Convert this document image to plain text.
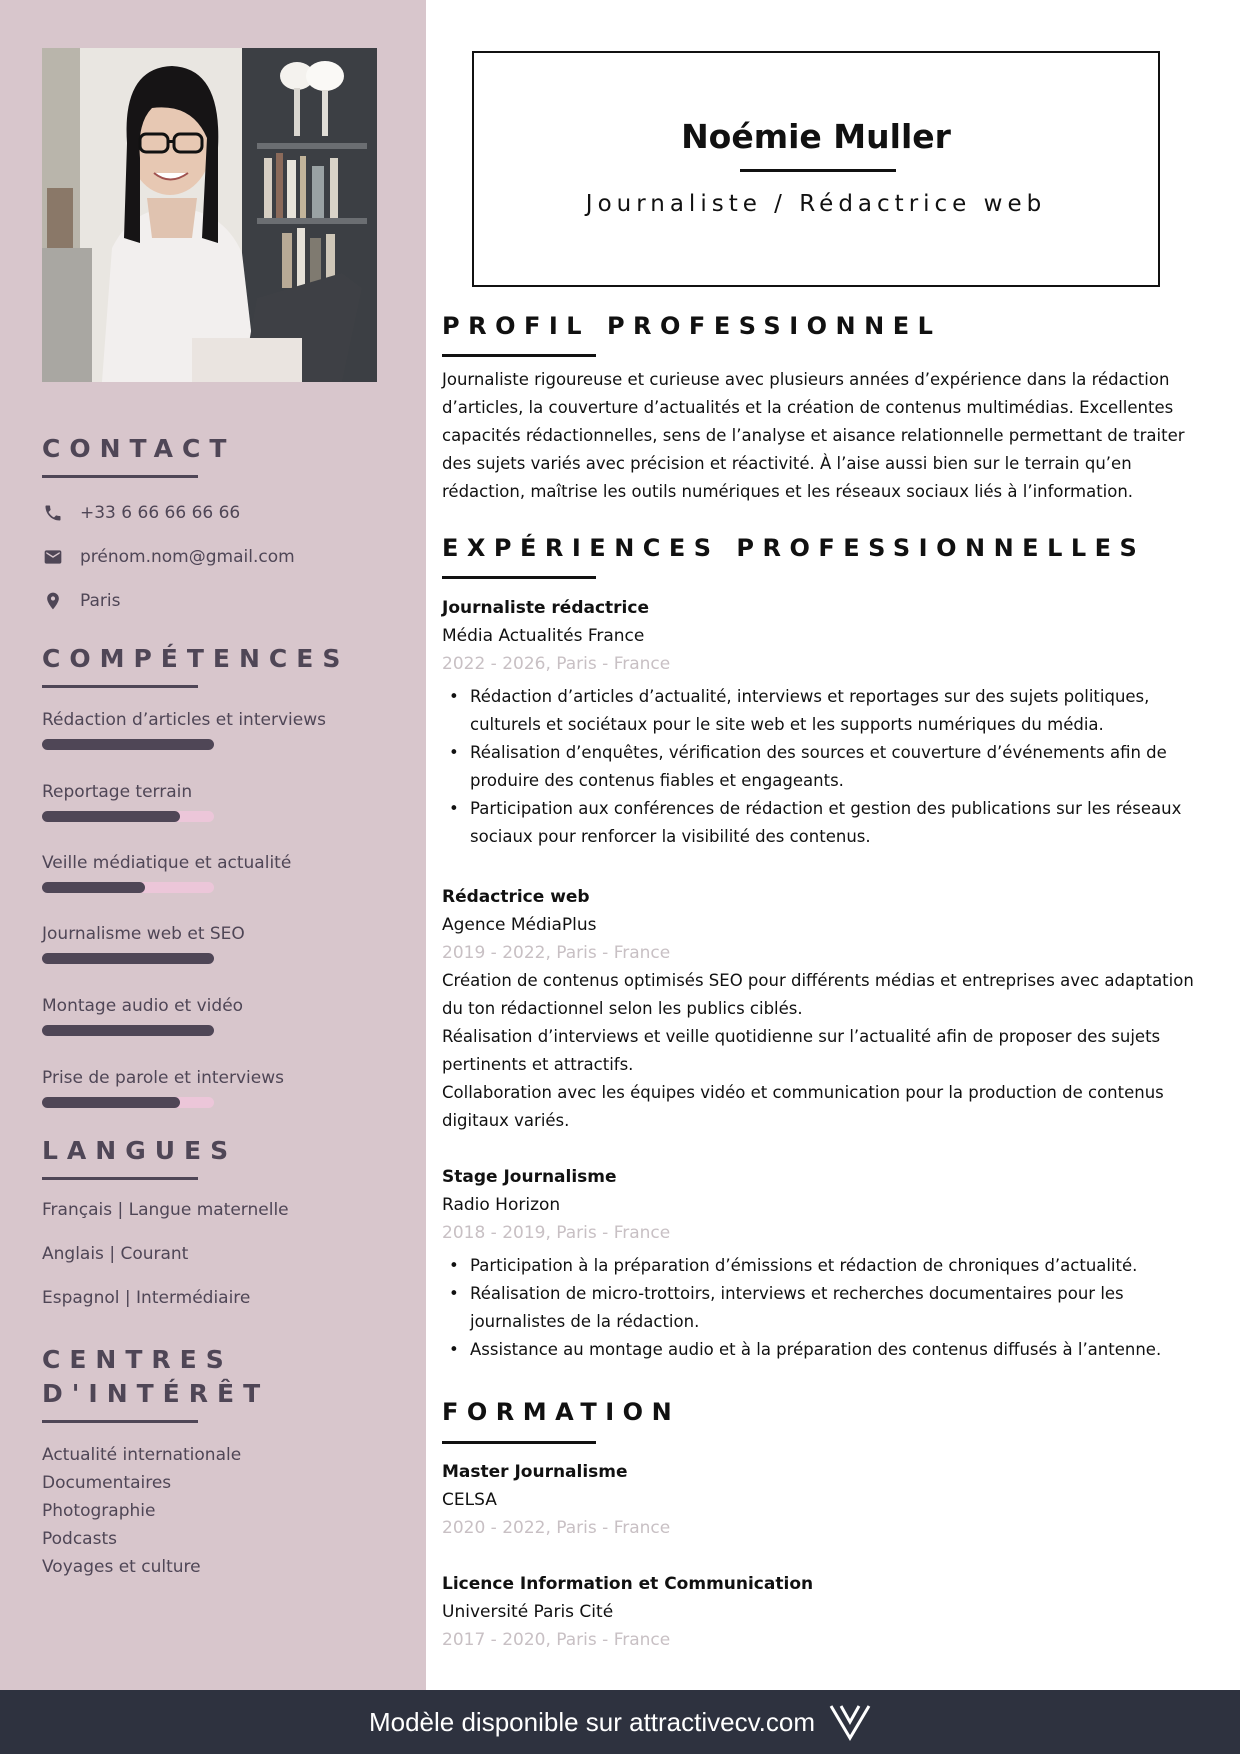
CONTACT
+33 6 66 66 66 66
prénom.nom@gmail.com
Paris
COMPÉTENCES
Rédaction d’articles et interviews
Reportage terrain
Veille médiatique et actualité
Journalisme web et SEO
Montage audio et vidéo
Prise de parole et interviews
LANGUES
Français | Langue maternelle
Anglais | Courant
Espagnol | Intermédiaire
CENTRES
D'INTÉRÊT
Actualité internationale
Documentaires
Photographie
Podcasts
Voyages et culture
Noémie Muller
Journaliste / Rédactrice web
PROFIL PROFESSIONNEL
Journaliste rigoureuse et curieuse avec plusieurs années d’expérience dans la rédaction d’articles, la couverture d’actualités et la création de contenus multimédias. Excellentes capacités rédactionnelles, sens de l’analyse et aisance relationnelle permettant de traiter des sujets variés avec précision et réactivité. À l’aise aussi bien sur le terrain qu’en rédaction, maîtrise les outils numériques et les réseaux sociaux liés à l’information.
EXPÉRIENCES PROFESSIONNELLES
Journaliste rédactrice
Média Actualités France
2022 - 2026, Paris - France
• Rédaction d’articles d’actualité, interviews et reportages sur des sujets politiques, culturels et sociétaux pour le site web et les supports numériques du média.
• Réalisation d’enquêtes, vérification des sources et couverture d’événements afin de produire des contenus fiables et engageants.
• Participation aux conférences de rédaction et gestion des publications sur les réseaux sociaux pour renforcer la visibilité des contenus.
Rédactrice web
Agence MédiaPlus
2019 - 2022, Paris - France
Création de contenus optimisés SEO pour différents médias et entreprises avec adaptation du ton rédactionnel selon les publics ciblés.
Réalisation d’interviews et veille quotidienne sur l’actualité afin de proposer des sujets pertinents et attractifs.
Collaboration avec les équipes vidéo et communication pour la production de contenus digitaux variés.
Stage Journalisme
Radio Horizon
2018 - 2019, Paris - France
• Participation à la préparation d’émissions et rédaction de chroniques d’actualité.
• Réalisation de micro-trottoirs, interviews et recherches documentaires pour les journalistes de la rédaction.
• Assistance au montage audio et à la préparation des contenus diffusés à l’antenne.
FORMATION
Master Journalisme
CELSA
2020 - 2022, Paris - France
Licence Information et Communication
Université Paris Cité
2017 - 2020, Paris - France
Modèle disponible sur attractivecv.com
